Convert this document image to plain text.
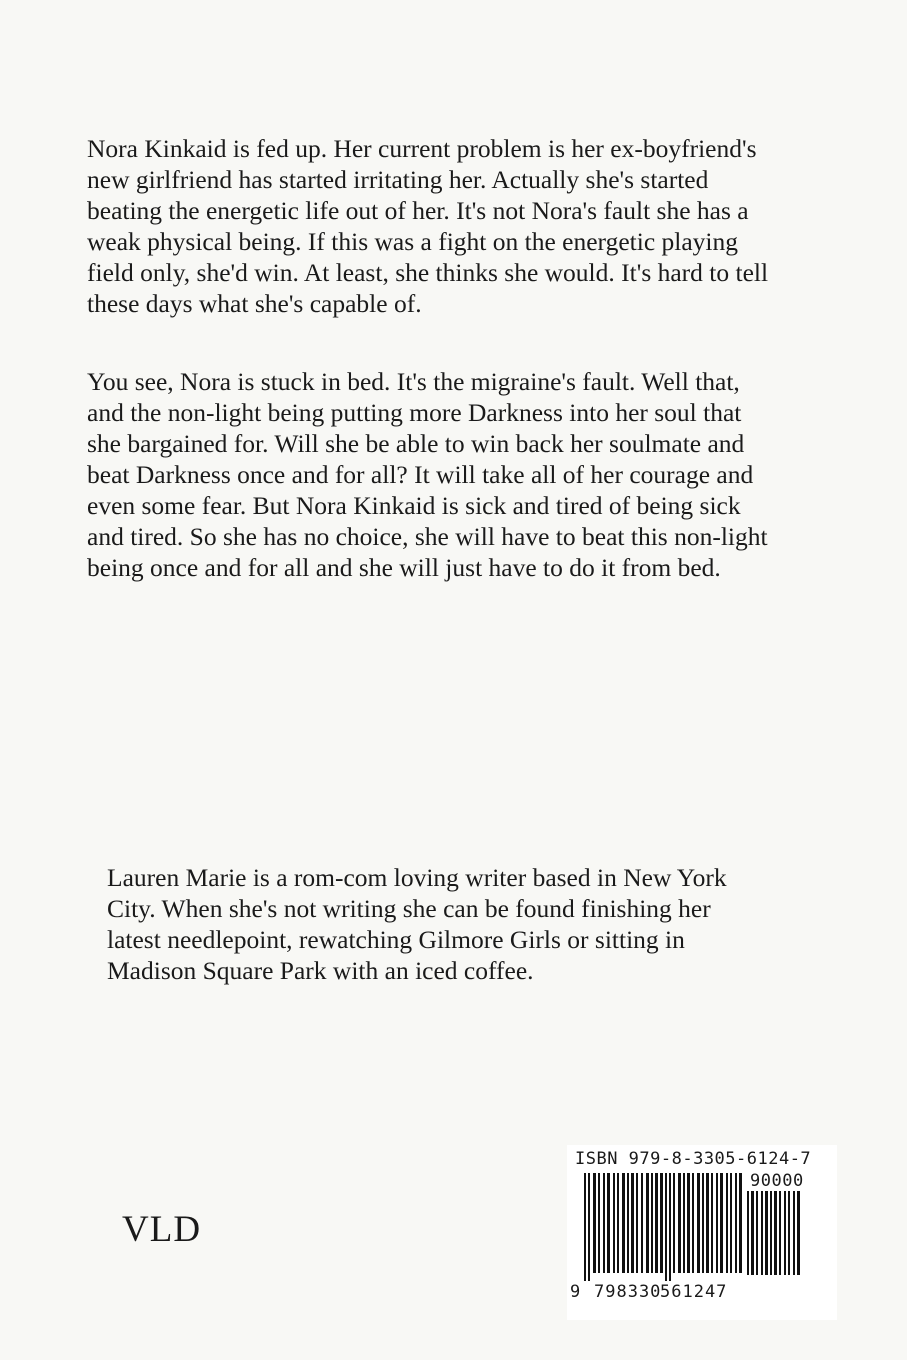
Nora Kinkaid is fed up. Her current problem is her ex-boyfriend's
new girlfriend has started irritating her. Actually she's started
beating the energetic life out of her. It's not Nora's fault she has a
weak physical being. If this was a fight on the energetic playing
field only, she'd win. At least, she thinks she would. It's hard to tell
these days what she's capable of.
You see, Nora is stuck in bed. It's the migraine's fault. Well that,
and the non-light being putting more Darkness into her soul that
she bargained for. Will she be able to win back her soulmate and
beat Darkness once and for all? It will take all of her courage and
even some fear. But Nora Kinkaid is sick and tired of being sick
and tired. So she has no choice, she will have to beat this non-light
being once and for all and she will just have to do it from bed.
Lauren Marie is a rom-com loving writer based in New York
City. When she's not writing she can be found finishing her
latest needlepoint, rewatching Gilmore Girls or sitting in
Madison Square Park with an iced coffee.
VLD
ISBN 979-8-3305-6124-7
90000
9 798330
561247
